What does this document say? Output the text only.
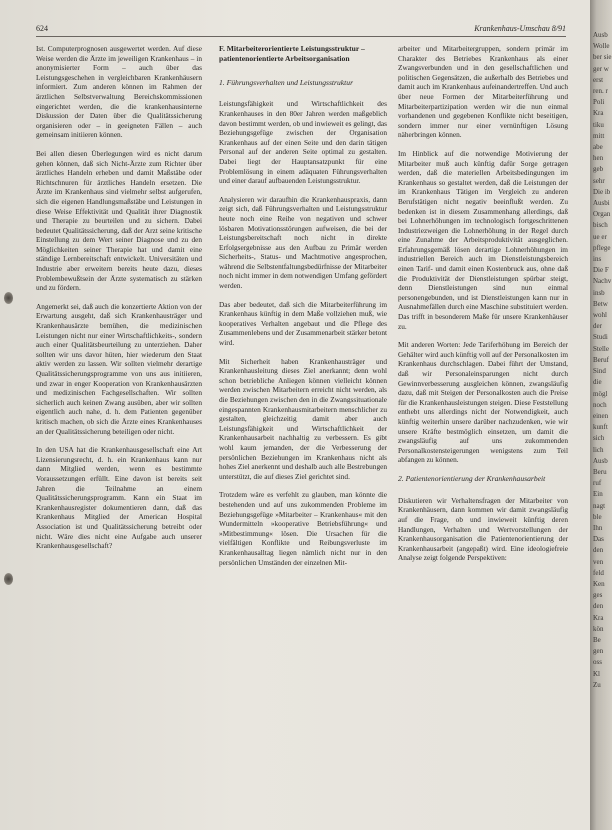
624	Krankenhaus-Umschau 8/91

Ist. Computerprognosen ausgewertet werden. Auf diese Weise werden die Ärzte im jeweiligen Krankenhaus – in anonymisierter Form – auch über das Leistungsgeschehen in vergleichbaren Krankenhäusern informiert. Zum anderen können im Rahmen der ärztlichen Selbstverwaltung Bereichskommissionen eingerichtet werden, die die krankenhausinterne Diskussion der Daten über die Qualitätssicherung organisieren oder – in geeigneten Fällen – auch gemeinsam initiieren können.

Bei allen diesen Überlegungen wird es nicht darum gehen können, daß sich Nicht-Ärzte zum Richter über ärztliches Handeln erheben und damit Maßstäbe oder Richtschnuren für ärztliches Handeln ersetzen. Die Ärzte im Krankenhaus sind vielmehr selbst aufgerufen, sich die eigenen Handlungsmaßstäbe und Leistungen in diese Weise Effektivität und Qualität ihrer Diagnostik und Therapie zu beurteilen und zu sichern. Dabei bedeutet Qualitätssicherung, daß der Arzt seine kritische Einstellung zu dem Wert seiner Diagnose und zu den Möglichkeiten seiner Therapie hat und damit eine ständige Lernbereitschaft entwickelt. Universitäten und Industrie aber erweitern bereits heute dazu, dieses Problembewußtsein der Ärzte systematisch zu stärken und zu fördern.

Angemerkt sei, daß auch die konzertierte Aktion von der Erwartung ausgeht, daß sich Krankenhausträger und Krankenhausärzte bemühen, die medizinischen Leistungen nicht nur einer Wirtschaftlichkeits-, sondern auch einer Qualitätsbeurteilung zu unterziehen. Daher sollten wir uns davor hüten, hier wiederum den Staat aktiv werden zu lassen. Wir sollten vielmehr derartige Qualitätssicherungsprogramme von uns aus initiieren, und zwar in enger Kooperation von Krankenhausärzten und medizinischen Fachgesellschaften. Wir sollten sicherlich auch keinen Zwang ausüben, aber wir sollten eigentlich auch nahe, d. h. dem Patienten gegenüber kritisch machen, ob sich die Ärzte eines Krankenhauses an der Qualitätssicherung beteiligen oder nicht.

In den USA hat die Krankenhausgesellschaft eine Art Lizensierungsrecht, d. h. ein Krankenhaus kann nur dann Mitglied werden, wenn es bestimmte Voraussetzungen erfüllt. Eine davon ist bereits seit Jahren die Teilnahme an einem Qualitätssicherungsprogramm. Kann ein Staat im Krankenhausregister dokumentieren dann, daß das Krankenhaus Mitglied der American Hospital Association ist und Qualitätssicherung betreibt oder nicht. Wäre dies nicht eine Aufgabe auch unserer Krankenhausgesellschaft?

F. Mitarbeiterorientierte Leistungsstruktur – patientenorientierte Arbeitsorganisation
1. Führungsverhalten und Leistungsstruktur

Leistungsfähigkeit und Wirtschaftlichkeit des Krankenhauses in den 80er Jahren werden maßgeblich davon bestimmt werden, ob und inwieweit es gelingt, das Beziehungsgefüge zwischen der Organisation Krankenhaus auf der einen Seite und den darin tätigen Personal auf der anderen Seite optimal zu gestalten. Dabei liegt der Hauptansatzpunkt für eine Problemlösung in einem adäquaten Führungsverhalten und einer darauf aufbauenden Leistungsstruktur.

Analysieren wir daraufhin die Krankenhauspraxis, dann zeigt sich, daß Führungsverhalten und Leistungsstruktur heute noch eine Reihe von negativen und schwer lösbaren Motivationsstörungen aufweisen, die bei der Leistungsbereitschaft noch nicht in direkte Erfolgsergebnisse aus den Aufbau zu Primär werden Sicherheits-, Status- und Machtmotive angesprochen, während die Selbstentfaltungsbedürfnisse der Mitarbeiter noch nicht immer in dem notwendigen Umfang gefördert werden.

Das aber bedeutet, daß sich die Mitarbeiterführung im Krankenhaus künftig in dem Maße vollziehen muß, wie kooperatives Verhalten angebaut und die Pflege des Zusammenlebens und der Zusammenarbeit stärker betont wird.

Mit Sicherheit haben Krankenhausträger und Krankenhausleitung dieses Ziel anerkannt; denn wohl schon betriebliche Anliegen können vielleicht können werden zwischen Mitarbeitern erreicht nicht werden, als die Beziehungen zwischen den in die Zwangssituationale eingespannten Krankenhausmitarbeitern menschlicher zu gestalten, gleichzeitig damit aber auch Leistungsfähigkeit und Wirtschaftlichkeit der Krankenhausarbeit nachhaltig zu verbessern. Es gibt wohl kaum jemanden, der die Verbesserung der persönlichen Beziehungen im Krankenhaus nicht als hohes Ziel anerkennt und deshalb auch alle Bestrebungen unterstützt, die auf dieses Ziel gerichtet sind.

Trotzdem wäre es verfehlt zu glauben, man könnte die bestehenden und auf uns zukommenden Probleme im Beziehungsgefüge »Mitarbeiter – Krankenhaus« mit den Wundermitteln »kooperative Betriebsführung« und »Mitbestimmung« lösen. Die Ursachen für die vielfältigen Konflikte und Reibungsverluste im Krankenhausalltag liegen nämlich nicht nur in den persönlichen Umständen der einzelnen Mit-

arbeiter und Mitarbeitergruppen, sondern primär im Charakter des Betriebes Krankenhaus als einer Zwangsverbunden und in den gesellschaftlichen und politischen Gegensätzen, die außerhalb des Betriebes und damit auch im Krankenhaus aufeinandertreffen. Und auch über neue Formen der Mitarbeiterführung und Mitarbeiterpartizipation werden wir die nun einmal vorhandenen und gegebenen Konflikte nicht beseitigen, sondern immer nur einer vernünftigen Lösung näherbringen können.

Im Hinblick auf die notwendige Motivierung der Mitarbeiter muß auch künftig dafür Sorge getragen werden, daß die materiellen Arbeitsbedingungen im Krankenhaus so gestaltet werden, daß die Leistungen der im Krankenhaus Tätigen im Vergleich zu anderen Berufstätigen nicht negativ beeinflußt werden. Zu bedenken ist in diesem Zusammenhang allerdings, daß bei Lohnerhöhungen im technologisch fortgeschrittenen Industriezweigen die Lohnerhöhung in der Regel durch eine Zunahme der Arbeitsproduktivität ausgeglichen. Erfahrungsgemäß lösen derartige Lohnerhöhungen im industriellen Bereich auch im Dienstleistungsbereich einen Tarif- und damit einen Kostenbruck aus, ohne daß die Produktivität der Dienstleistungen spürbar steigt, denn Dienstleistungen sind nun einmal personengebunden, und ist Dienstleistungen kann nur in Ausnahmefällen durch eine Maschine substituiert werden. Das trifft in besonderem Maße für unsere Krankenhäuser zu.

Mit anderen Worten: Jede Tariferhöhung im Bereich der Gehälter wird auch künftig voll auf der Personalkosten im Krankenhaus durchschlagen. Dabei führt der Umstand, daß wir Personaleinsparungen nicht durch Gewinnverbesserung ausgleichen können, zwangsläufig dazu, daß mit Steigen der Personalkosten auch die Preise für die Krankenhausleistungen steigen. Diese Feststellung enthebt uns allerdings nicht der Notwendigkeit, auch künftig weiterhin unsere darüber nachzudenken, wie wir unsere Kräfte bestmöglich einsetzen, um damit die zwangsläufig auf uns zukommenden Personalkostensteigerungen wenigstens zum Teil abfangen zu können.

2. Patientenorientierung der Krankenhausarbeit

Diskutieren wir Verhaltensfragen der Mitarbeiter von Krankenhäusern, dann kommen wir damit zwangsläufig auf die Frage, ob und inwieweit künftig deren Handlungen, Verhalten und Wertvorstellungen der Krankenhausorganisation die Patientenorientierung der Krankenhausarbeit (angepaßt) wird. Eine ideologiefreie Analyse zeigt folgende Perspektiven:

Ausb
Wolle
ber sie
ger w
erst
ren. r
Poli
Kra
tiku
mitt
abe
hen
geb
sehr
Die ib
Ausbi
Organ
bisch
ue er
pflege
ins
Die F
Nachv
insb
Betw
wohl
der
Studi
Stelle
Beruf
Sind
die
mögl
noch
einen
kunft
sich
lich
Ausb
Beru
ruf
Ein
nagt
ble
Ihn
Das
den
ven
feld
Ken
ges
den
Kra
kön
Be
gen
oss
Kl
Zu
